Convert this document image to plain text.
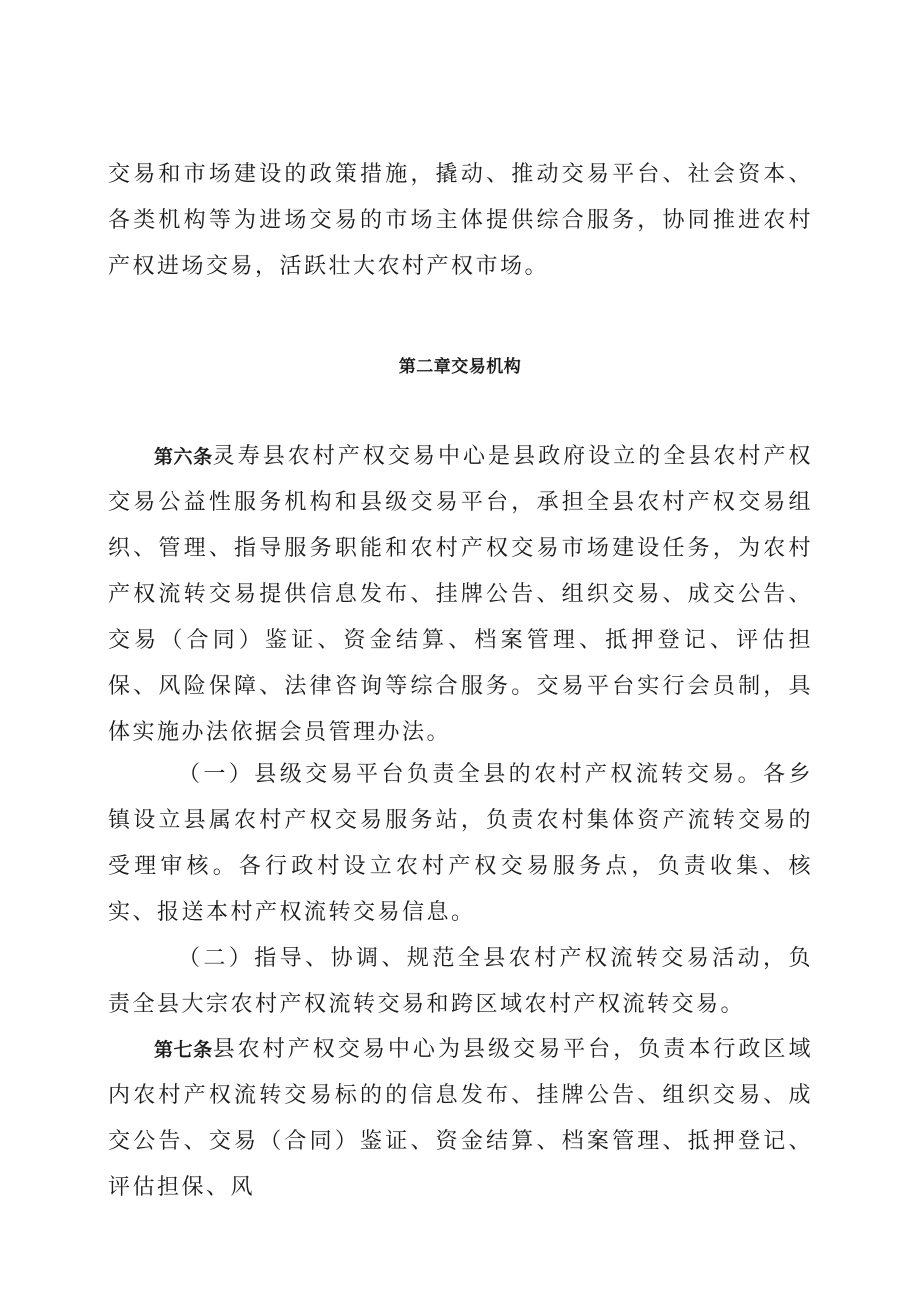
交易和市场建设的政策措施，撬动、推动交易平台、社会资本、各类机构等为进场交易的市场主体提供综合服务，协同推进农村产权进场交易，活跃壮大农村产权市场。

第二章交易机构

第六条灵寿县农村产权交易中心是县政府设立的全县农村产权交易公益性服务机构和县级交易平台，承担全县农村产权交易组织、管理、指导服务职能和农村产权交易市场建设任务，为农村产权流转交易提供信息发布、挂牌公告、组织交易、成交公告、交易（合同）鉴证、资金结算、档案管理、抵押登记、评估担保、风险保障、法律咨询等综合服务。交易平台实行会员制，具体实施办法依据会员管理办法。

（一）县级交易平台负责全县的农村产权流转交易。各乡镇设立县属农村产权交易服务站，负责农村集体资产流转交易的受理审核。各行政村设立农村产权交易服务点，负责收集、核实、报送本村产权流转交易信息。

（二）指导、协调、规范全县农村产权流转交易活动，负责全县大宗农村产权流转交易和跨区域农村产权流转交易。

第七条县农村产权交易中心为县级交易平台，负责本行政区域内农村产权流转交易标的的信息发布、挂牌公告、组织交易、成交公告、交易（合同）鉴证、资金结算、档案管理、抵押登记、评估担保、风
